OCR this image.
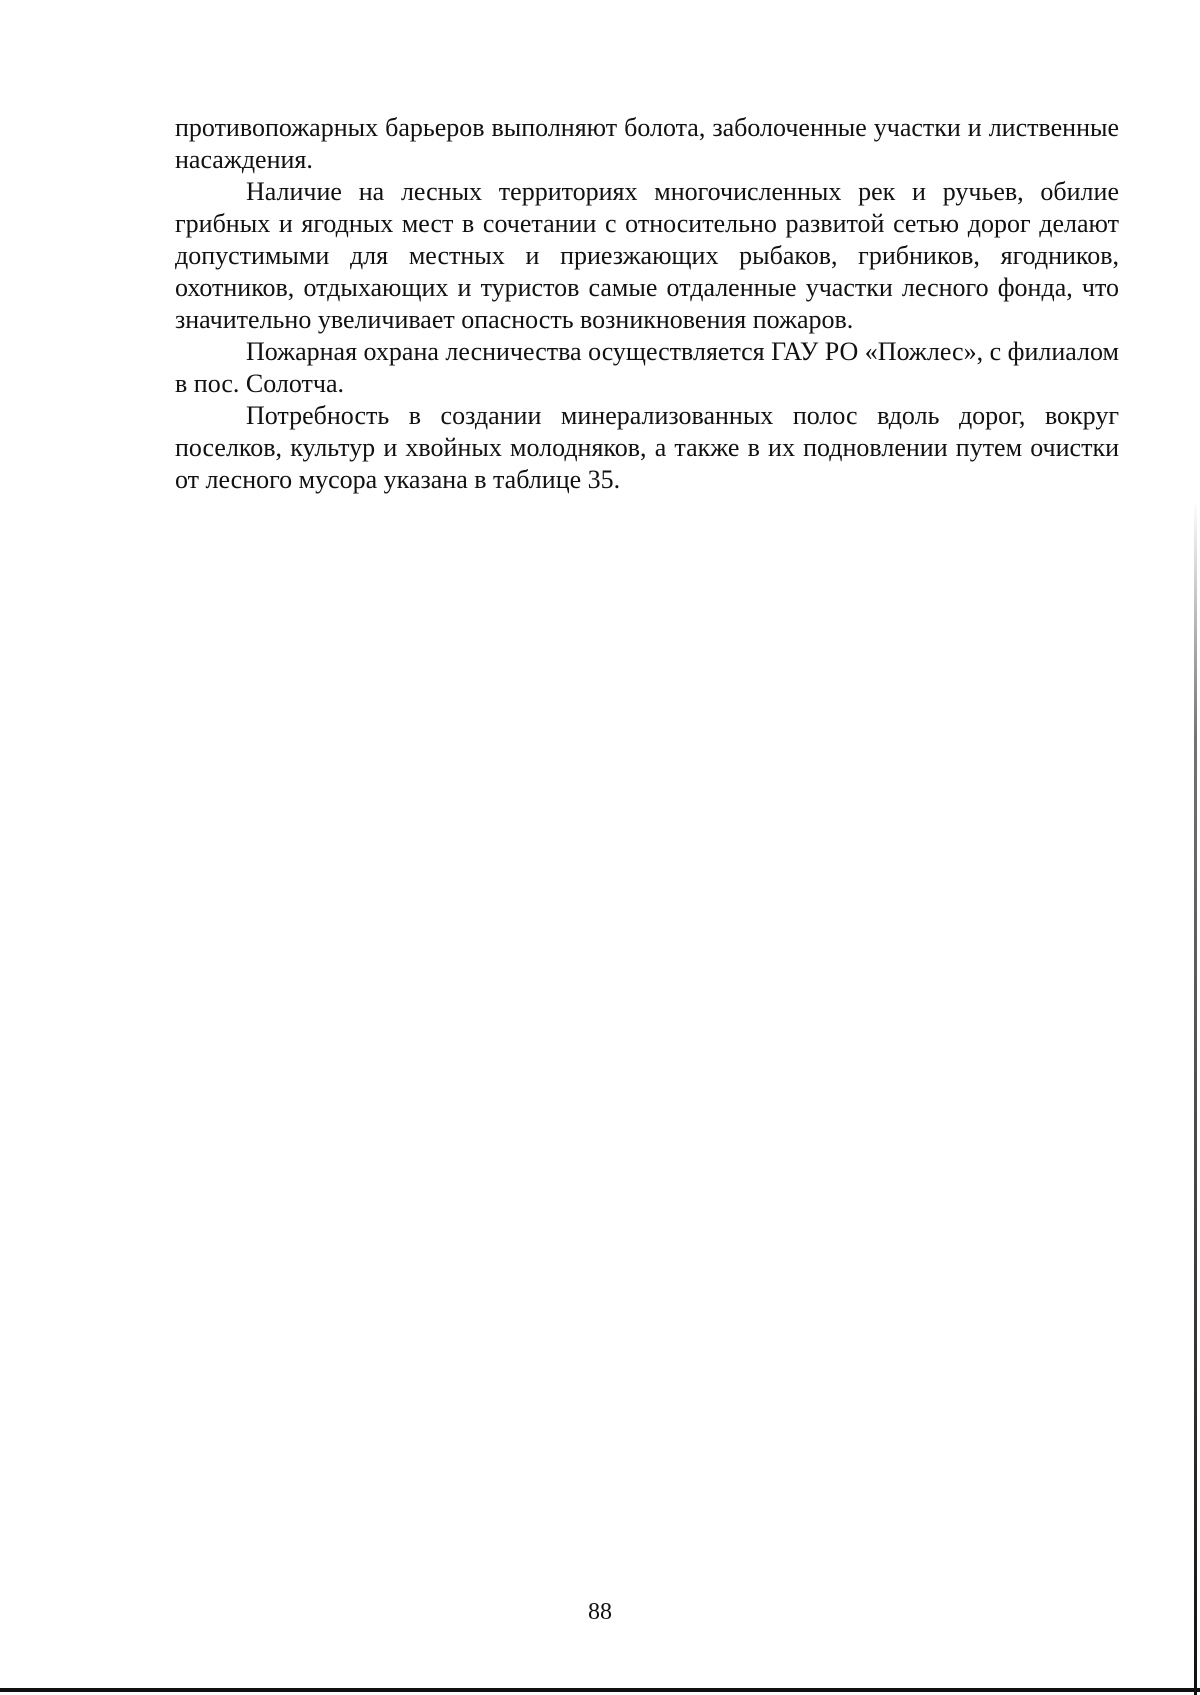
противопожарных барьеров выполняют болота, заболоченные участки и лиственные насаждения.

Наличие на лесных территориях многочисленных рек и ручьев, обилие грибных и ягодных мест в сочетании с относительно развитой сетью дорог делают допустимыми для местных и приезжающих рыбаков, грибников, ягодников, охотников, отдыхающих и туристов самые отдаленные участки лесного фонда, что значительно увеличивает опасность возникновения пожаров.

Пожарная охрана лесничества осуществляется ГАУ РО «Пожлес», с филиалом в пос. Солотча.

Потребность в создании минерализованных полос вдоль дорог, вокруг поселков, культур и хвойных молодняков, а также в их подновлении путем очистки от лесного мусора указана в таблице 35.

88
